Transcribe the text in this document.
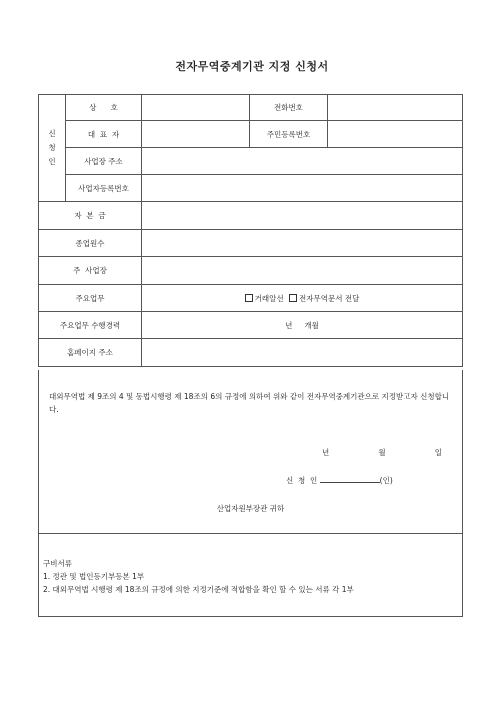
전자무역중계기관 지정 신청서
신
청
인	상      호		전화번호	
	대  표  자		주민등록번호	
	사업장 주소			
	사업자등록번호			
자  본  금				
종업원수				
주  사업장				
주요업무		거래알선 전자무역문서 전달		
주요업무 수행경력		년     개월		
홈페이지 주소				
대외무역법 제 9조의 4 및 동법시행령 제 18조의 6의 규정에 의하여 위와 같이 전자무역중계기관으로 지정받고자 신청합니다.
년   월   일
신  청  인	(인)
산업자원부장관 귀하
구비서류
1. 정관 및 법인등기부등본 1부
2. 대외무역법 시행령 제 18조의 규정에 의한 지정기준에 적합함을 확인 할 수 있는 서류 각 1부
